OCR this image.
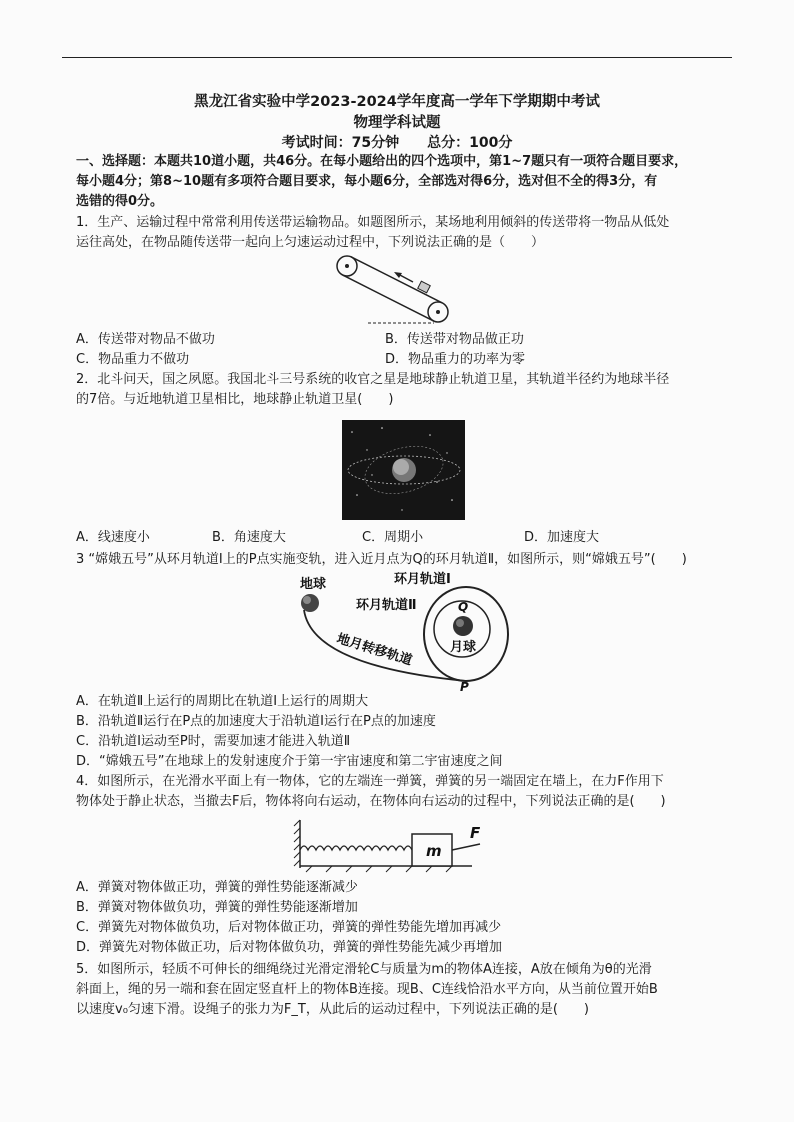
黑龙江省实验中学2023-2024学年度高一学年下学期期中考试
物理学科试题
考试时间：75分钟　　总分：100分
一、选择题：本题共10道小题，共46分。在每小题给出的四个选项中，第1~7题只有一项符合题目要求，
每小题4分；第8~10题有多项符合题目要求，每小题6分，全部选对得6分，选对但不全的得3分，有
选错的得0分。
1．生产、运输过程中常常利用传送带运输物品。如题图所示，某场地利用倾斜的传送带将一物品从低处
运往高处，在物品随传送带一起向上匀速运动过程中，下列说法正确的是（　　）
A．传送带对物品不做功	B．传送带对物品做正功
C．物品重力不做功	D．物品重力的功率为零
2．北斗问天，国之夙愿。我国北斗三号系统的收官之星是地球静止轨道卫星，其轨道半径约为地球半径
的7倍。与近地轨道卫星相比，地球静止轨道卫星(　　)
A．线速度小	B．角速度大	C．周期小	D．加速度大
3 “嫦娥五号”从环月轨道Ⅰ上的P点实施变轨，进入近月点为Q的环月轨道Ⅱ，如图所示，则“嫦娥五号”(　　)
地球	环月轨道Ⅰ
环月轨道Ⅱ	Q
月球
地月转移轨道
P
A．在轨道Ⅱ上运行的周期比在轨道Ⅰ上运行的周期大
B．沿轨道Ⅱ运行在P点的加速度大于沿轨道Ⅰ运行在P点的加速度
C．沿轨道Ⅰ运动至P时，需要加速才能进入轨道Ⅱ
D．“嫦娥五号”在地球上的发射速度介于第一宇宙速度和第二宇宙速度之间
4．如图所示，在光滑水平面上有一物体，它的左端连一弹簧，弹簧的另一端固定在墙上，在力F作用下
物体处于静止状态，当撤去F后，物体将向右运动，在物体向右运动的过程中，下列说法正确的是(　　)
m
F
A．弹簧对物体做正功，弹簧的弹性势能逐渐减少
B．弹簧对物体做负功，弹簧的弹性势能逐渐增加
C．弹簧先对物体做负功，后对物体做正功，弹簧的弹性势能先增加再减少
D．弹簧先对物体做正功，后对物体做负功，弹簧的弹性势能先减少再增加
5．如图所示，轻质不可伸长的细绳绕过光滑定滑轮C与质量为m的物体A连接，A放在倾角为θ的光滑
斜面上，绳的另一端和套在固定竖直杆上的物体B连接。现B、C连线恰沿水平方向，从当前位置开始B
以速度v₀匀速下滑。设绳子的张力为F_T，从此后的运动过程中，下列说法正确的是(　　)
